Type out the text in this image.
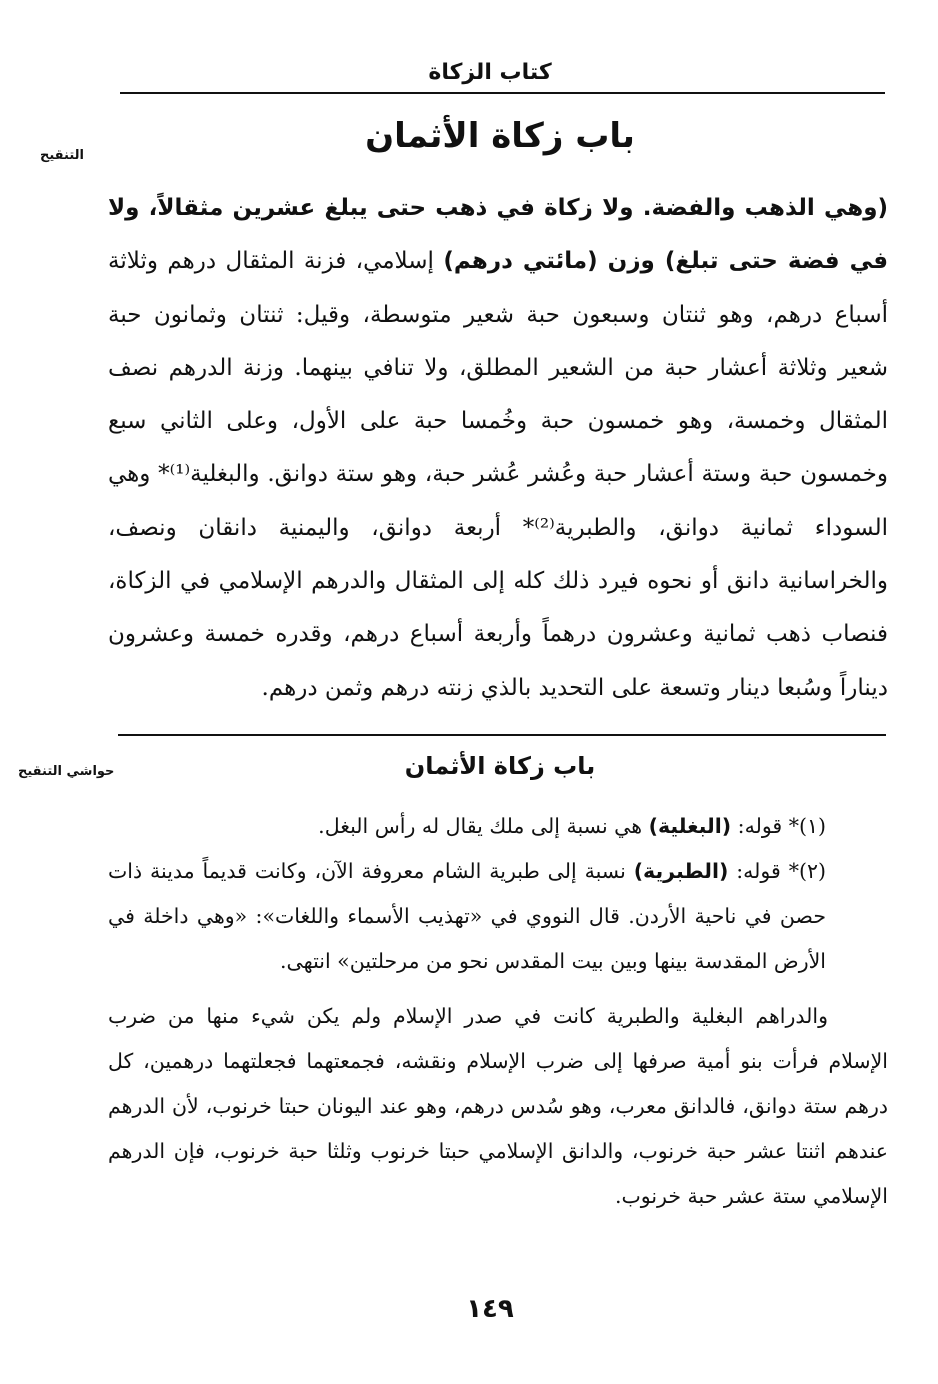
كتاب الزكاة
التنقيح	باب زكاة الأثمان
(وهي الذهب والفضة. ولا زكاة في ذهب حتى يبلغ عشرين مثقالاً، ولا في فضة حتى تبلغ) وزن (مائتي درهم) إسلامي، فزنة المثقال درهم وثلاثة أسباع درهم، وهو ثنتان وسبعون حبة شعير متوسطة، وقيل: ثنتان وثمانون حبة شعير وثلاثة أعشار حبة من الشعير المطلق، ولا تنافي بينهما. وزنة الدرهم نصف المثقال وخمسة، وهو خمسون حبة وخُمسا حبة على الأول، وعلى الثاني سبع وخمسون حبة وستة أعشار حبة وعُشر عُشر حبة، وهو ستة دوانق. والبغلية⁽¹⁾* وهي السوداء ثمانية دوانق، والطبرية⁽²⁾* أربعة دوانق، واليمنية دانقان ونصف، والخراسانية دانق أو نحوه فيرد ذلك كله إلى المثقال والدرهم الإسلامي في الزكاة، فنصاب ذهب ثمانية وعشرون درهماً وأربعة أسباع درهم، وقدره خمسة وعشرون ديناراً وسُبعا دينار وتسعة على التحديد بالذي زنته درهم وثمن درهم.
حواشي التنقيح	باب زكاة الأثمان

(١)* قوله: (البغلية) هي نسبة إلى ملك يقال له رأس البغل.

(٢)* قوله: (الطبرية) نسبة إلى طبرية الشام معروفة الآن، وكانت قديماً مدينة ذات حصن في ناحية الأردن. قال النووي في «تهذيب الأسماء واللغات»: «وهي داخلة في الأرض المقدسة بينها وبين بيت المقدس نحو من مرحلتين» انتهى.

والدراهم البغلية والطبرية كانت في صدر الإسلام ولم يكن شيء منها من ضرب الإسلام فرأت بنو أمية صرفها إلى ضرب الإسلام ونقشه، فجمعتهما فجعلتهما درهمين، كل درهم ستة دوانق، فالدانق معرب، وهو سُدس درهم، وهو عند اليونان حبتا خرنوب، لأن الدرهم عندهم اثنتا عشر حبة خرنوب، والدانق الإسلامي حبتا خرنوب وثلثا حبة خرنوب، فإن الدرهم الإسلامي ستة عشر حبة خرنوب.

١٤٩
